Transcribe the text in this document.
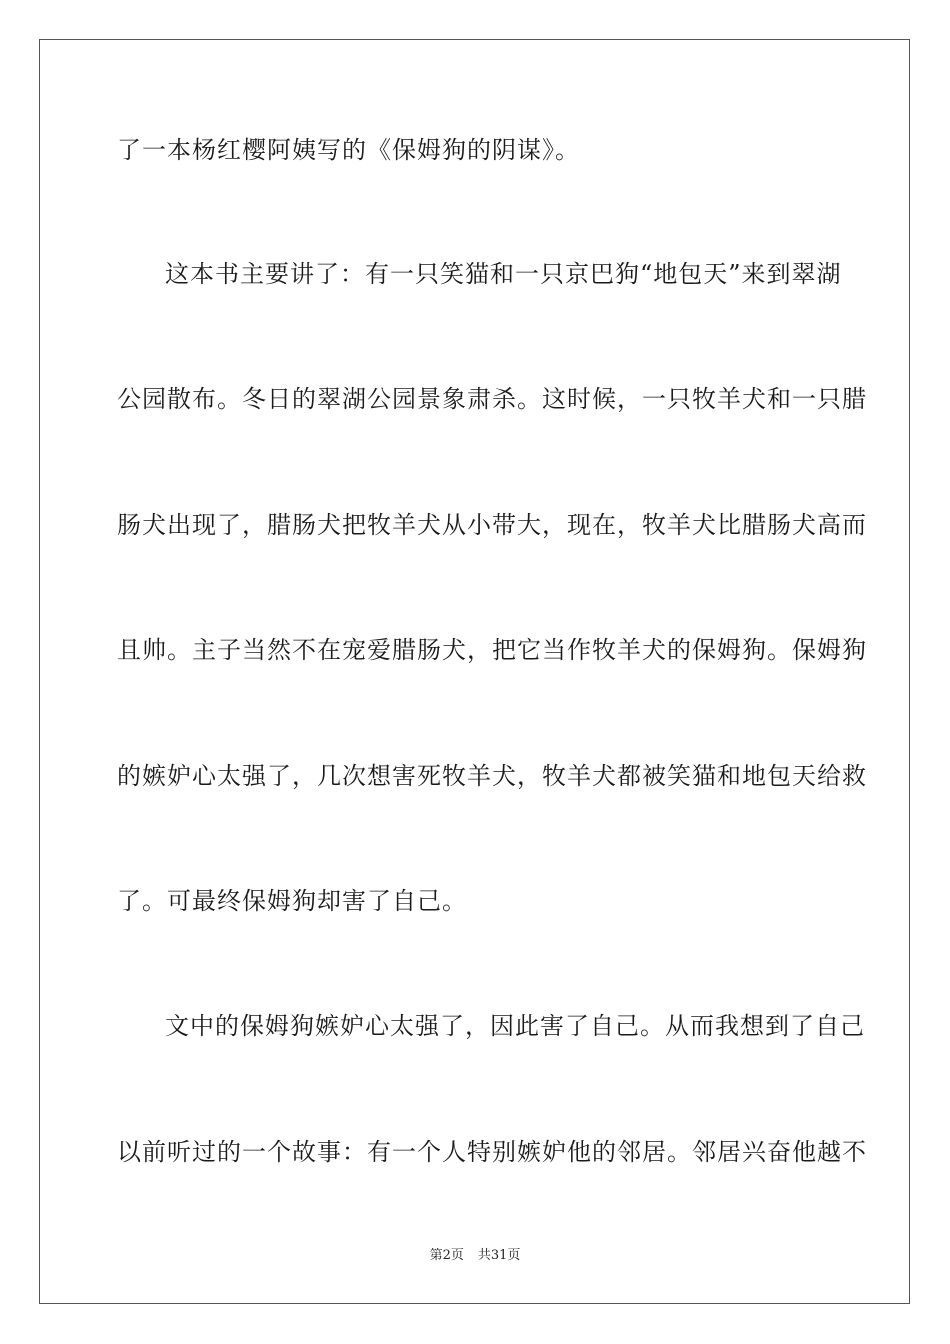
了一本杨红樱阿姨写的《保姆狗的阴谋》。
这本书主要讲了：有一只笑猫和一只京巴狗“地包天”来到翠湖
公园散布。冬日的翠湖公园景象肃杀。这时候，一只牧羊犬和一只腊
肠犬出现了，腊肠犬把牧羊犬从小带大，现在，牧羊犬比腊肠犬高而
且帅。主子当然不在宠爱腊肠犬，把它当作牧羊犬的保姆狗。保姆狗
的嫉妒心太强了，几次想害死牧羊犬，牧羊犬都被笑猫和地包天给救
了。可最终保姆狗却害了自己。
文中的保姆狗嫉妒心太强了，因此害了自己。从而我想到了自己
以前听过的一个故事：有一个人特别嫉妒他的邻居。邻居兴奋他越不
第2页 共31页
